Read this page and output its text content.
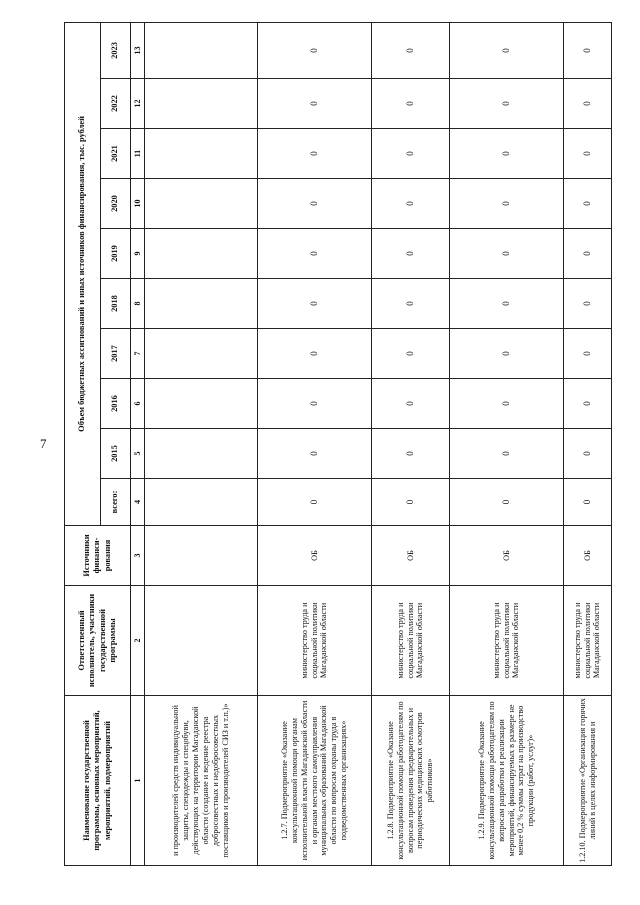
7
Наименование государственной программы, основных мероприятий, мероприятий, подмероприятий	Ответственный исполнитель, участники государственной программы	Источники финанси-рования	Объем бюджетных ассигнований и иных источников финансирования, тыс. рублей									
			всего:	2015	2016	2017	2018	2019	2020	2021	2022	2023
1	2	3	4	5	6	7	8	9	10	11	12	13
и производителей средств индивидуальной защиты, спецодежды и спецобуви, действующих на территории Магаданской области (создание и ведение реестра добросовестных и недобросовестных поставщиков и производителей СИЗ и т.п.)»												
1.2.7. Подмероприятие «Оказание консультационной помощи органам исполнительной власти Магаданской области и органам местного самоуправления муниципальных образований Магаданской области по вопросам охраны труда в подведомственных организациях»	министерство труда и социальной политики Магаданской области	ОБ	0	0	0	0	0	0	0	0	0	0
1.2.8. Подмероприятие «Оказание консультационной помощи работодателям по вопросам проведения предварительных и периодических медицинских осмотров работников»	министерство труда и социальной политики Магаданской области	ОБ	0	0	0	0	0	0	0	0	0	0
1.2.9. Подмероприятие «Оказание консультационной помощи работодателям по вопросам разработки и реализации мероприятий, финансируемых в размере не менее 0,2 % суммы затрат на производство продукции (работ, услуг)»	министерство труда и социальной политики Магаданской области	ОБ	0	0	0	0	0	0	0	0	0	0
1.2.10. Подмероприятие «Организация горячих линий в целях информирования и	министерство труда и социальной политики Магаданской области	ОБ	0	0	0	0	0	0	0	0	0	0
